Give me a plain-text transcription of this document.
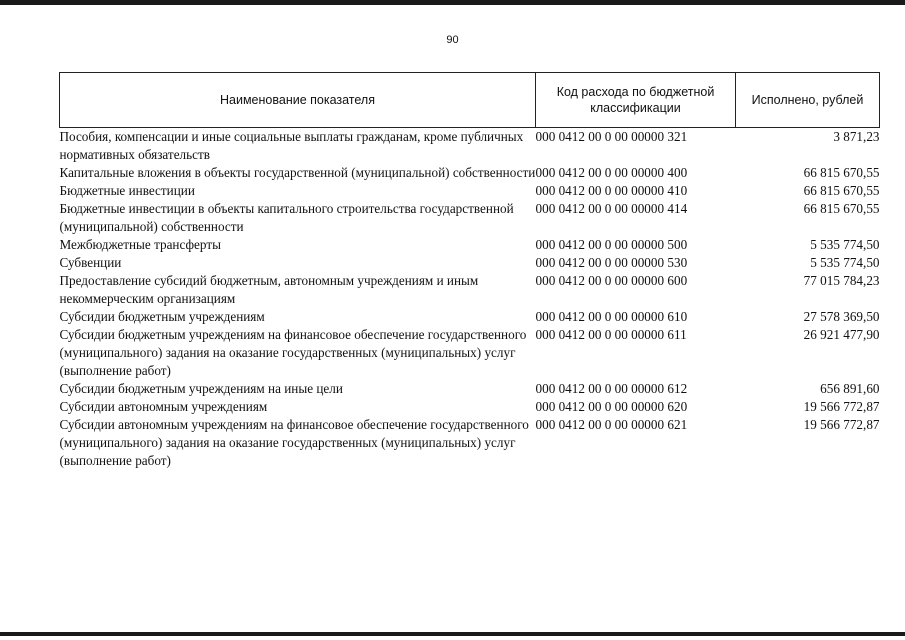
90
Наименование показателя	Код расхода по бюджетной классификации	Исполнено, рублей
Пособия, компенсации и иные социальные выплаты гражданам, кроме публичных нормативных обязательств	000 0412 00 0 00 00000 321	3 871,23
Капитальные вложения в объекты государственной (муниципальной) собственности	000 0412 00 0 00 00000 400	66 815 670,55
Бюджетные инвестиции	000 0412 00 0 00 00000 410	66 815 670,55
Бюджетные инвестиции в объекты капитального строительства государственной (муниципальной) собственности	000 0412 00 0 00 00000 414	66 815 670,55
Межбюджетные трансферты	000 0412 00 0 00 00000 500	5 535 774,50
Субвенции	000 0412 00 0 00 00000 530	5 535 774,50
Предоставление субсидий бюджетным, автономным учреждениям и иным некоммерческим организациям	000 0412 00 0 00 00000 600	77 015 784,23
Субсидии бюджетным учреждениям	000 0412 00 0 00 00000 610	27 578 369,50
Субсидии бюджетным учреждениям на финансовое обеспечение государственного (муниципального) задания на оказание государственных (муниципальных) услуг (выполнение работ)	000 0412 00 0 00 00000 611	26 921 477,90
Субсидии бюджетным учреждениям на иные цели	000 0412 00 0 00 00000 612	656 891,60
Субсидии автономным учреждениям	000 0412 00 0 00 00000 620	19 566 772,87
Субсидии автономным учреждениям на финансовое обеспечение государственного (муниципального) задания на оказание государственных (муниципальных) услуг (выполнение работ)	000 0412 00 0 00 00000 621	19 566 772,87
